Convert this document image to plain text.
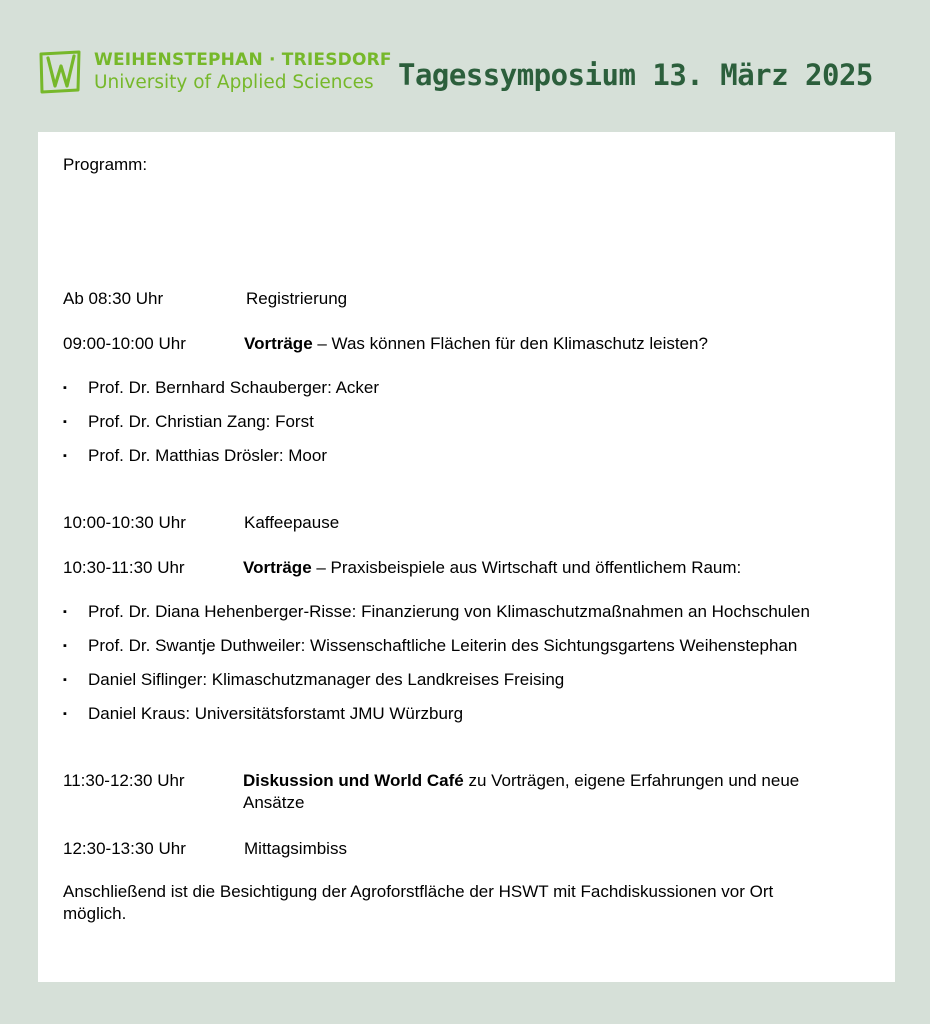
WEIHENSTEPHAN · TRIESDORF
University of Applied Sciences Tagessymposium 13. März 2025
Programm:
Ab 08:30 Uhr	Registrierung
09:00-10:00 Uhr	Vorträge – Was können Flächen für den Klimaschutz leisten?
▪ Prof. Dr. Bernhard Schauberger: Acker
▪ Prof. Dr. Christian Zang: Forst
▪ Prof. Dr. Matthias Drösler: Moor
10:00-10:30 Uhr	Kaffeepause
10:30-11:30 Uhr	Vorträge – Praxisbeispiele aus Wirtschaft und öffentlichem Raum:
▪ Prof. Dr. Diana Hehenberger-Risse: Finanzierung von Klimaschutzmaßnahmen an Hochschulen
▪ Prof. Dr. Swantje Duthweiler: Wissenschaftliche Leiterin des Sichtungsgartens Weihenstephan
▪ Daniel Siflinger: Klimaschutzmanager des Landkreises Freising
▪ Daniel Kraus: Universitätsforstamt JMU Würzburg
11:30-12:30 Uhr	Diskussion und World Café zu Vorträgen, eigene Erfahrungen und neue
Ansätze
12:30-13:30 Uhr	Mittagsimbiss
Anschließend ist die Besichtigung der Agroforstfläche der HSWT mit Fachdiskussionen vor Ort
möglich.
